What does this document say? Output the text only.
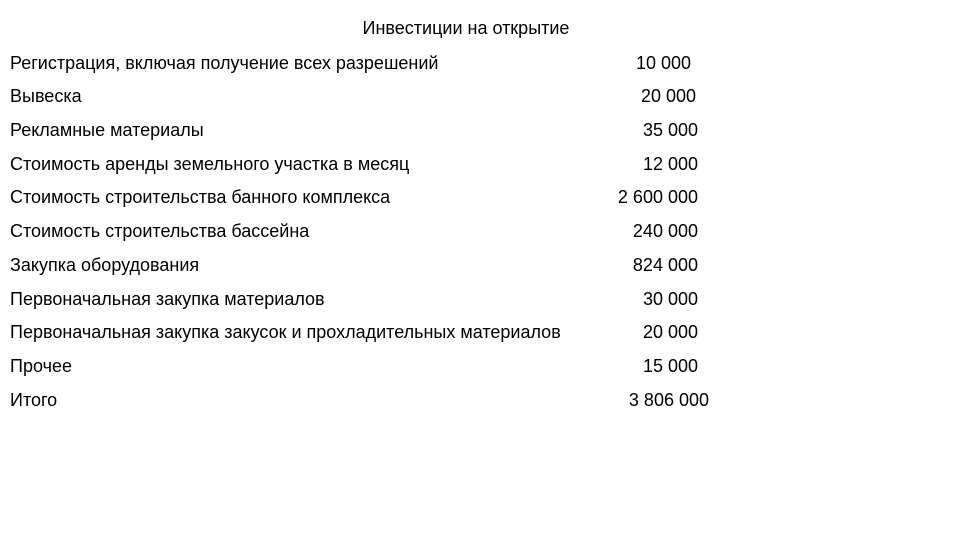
Инвестиции на открытие
Регистрация, включая получение всех разрешений	10 000
Вывеска	20 000
Рекламные материалы	35 000
Стоимость аренды земельного участка в месяц	12 000
Стоимость строительства банного комплекса	2 600 000
Стоимость строительства бассейна	240 000
Закупка оборудования	824 000
Первоначальная закупка материалов	30 000
Первоначальная закупка закусок и прохладительных материалов	20 000
Прочее	15 000
Итого	3 806 000
